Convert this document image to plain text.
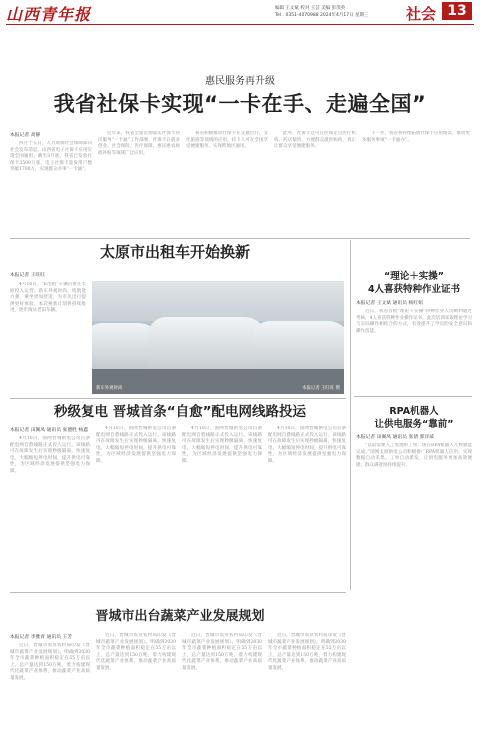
山西青年报	编辑 王文斌 校对 王芸 美编 彭茂英
Tel：0351-4070988 2024年4月17日 星期三 社会 13
惠民服务再升级
我省社保卡实现“一卡在手、走遍全国”
本报记者 高静

四月十五日，人力资源社会保障部向社会发布消息，山西省电子社保卡应用实现全国通用。截至3月底，我省已发放社保卡3500万张，电子社保卡签发用户数突破1700万，实现群众办事“一卡通”。

近年来，我省全面贯彻落实社保卡居民服务“一卡通”工作部署，社保卡在就业创业、社会保险、医疗保障、惠民惠农财政补贴等领域广泛应用。

我省积极推动社保卡在交通出行、文化旅游等领域的应用。持卡人可在全国享受便捷服务，实现跨地区通用。

此外，社保卡还可在医保定点医疗机构、药店使用，方便群众就医购药，真正让群众享受便捷服务。

下一步，我省将持续拓展社保卡应用场景，推动更多服务事项“一卡通办”。

太原市出租车开始换新
本报记者 王旺旺

4月16日，“E出租”车辆首批在太原投入运营。新车外观时尚，续航能力强，乘坐更加舒适，为市民出行提供更好体验。本次换新计划将持续推进，逐步淘汰老旧车辆。

新车外观时尚	本报记者 王旺旺 摄
“理论＋实操”
4人喜获特种作业证书
本报记者 王文斌 通讯员 杨红娟

近日，我省首批“理论＋实操”特种作业人员顺利通过考核，4人喜获特种作业操作证书。此次培训采取理论学习与实际操作相结合的方式，有效提升了学员的安全意识和操作技能。

秒级复电 晋城首条“自愈”配电网线路投运
本报记者 田佩凤 通讯员 张德胜 杨鑫

4月10日，国网晋城供电公司首条配电网自愈线路正式投入运行。该线路可在故障发生后实现秒级隔离、快速复电，大幅缩短停电时间，提升供电可靠性，为区域经济发展提供坚强电力保障。

4月10日，国网晋城供电公司首条配电网自愈线路正式投入运行。该线路可在故障发生后实现秒级隔离、快速复电，大幅缩短停电时间，提升供电可靠性，为区域经济发展提供坚强电力保障。

4月10日，国网晋城供电公司首条配电网自愈线路正式投入运行。该线路可在故障发生后实现秒级隔离、快速复电，大幅缩短停电时间，提升供电可靠性，为区域经济发展提供坚强电力保障。

4月10日，国网晋城供电公司首条配电网自愈线路正式投入运行。该线路可在故障发生后实现秒级隔离、快速复电，大幅缩短停电时间，提升供电可靠性，为区域经济发展提供坚强电力保障。

RPA机器人
让供电服务“靠前”
本报记者 田佩凤 通讯员 张倩 郭洋威

“以前需要人工处理的工单，现在RPA机器人几秒就能完成。”国网太原供电公司积极推广RPA机器人应用，实现数据自动采集、工单自动派发，让供电服务更加高效便捷，群众满意度持续提升。

晋城市出台蔬菜产业发展规划
本报记者 李雅青 通讯员 王芳

近日，晋城市农业农村局印发《晋城市蔬菜产业发展规划》，明确到2030年全市蔬菜种植面积稳定在55万亩以上，总产量达到150万吨，着力构建现代化蔬菜产业体系，推动蔬菜产业高质量发展。

近日，晋城市农业农村局印发《晋城市蔬菜产业发展规划》，明确到2030年全市蔬菜种植面积稳定在55万亩以上，总产量达到150万吨，着力构建现代化蔬菜产业体系，推动蔬菜产业高质量发展。

近日，晋城市农业农村局印发《晋城市蔬菜产业发展规划》，明确到2030年全市蔬菜种植面积稳定在55万亩以上，总产量达到150万吨，着力构建现代化蔬菜产业体系，推动蔬菜产业高质量发展。

近日，晋城市农业农村局印发《晋城市蔬菜产业发展规划》，明确到2030年全市蔬菜种植面积稳定在55万亩以上，总产量达到150万吨，着力构建现代化蔬菜产业体系，推动蔬菜产业高质量发展。
